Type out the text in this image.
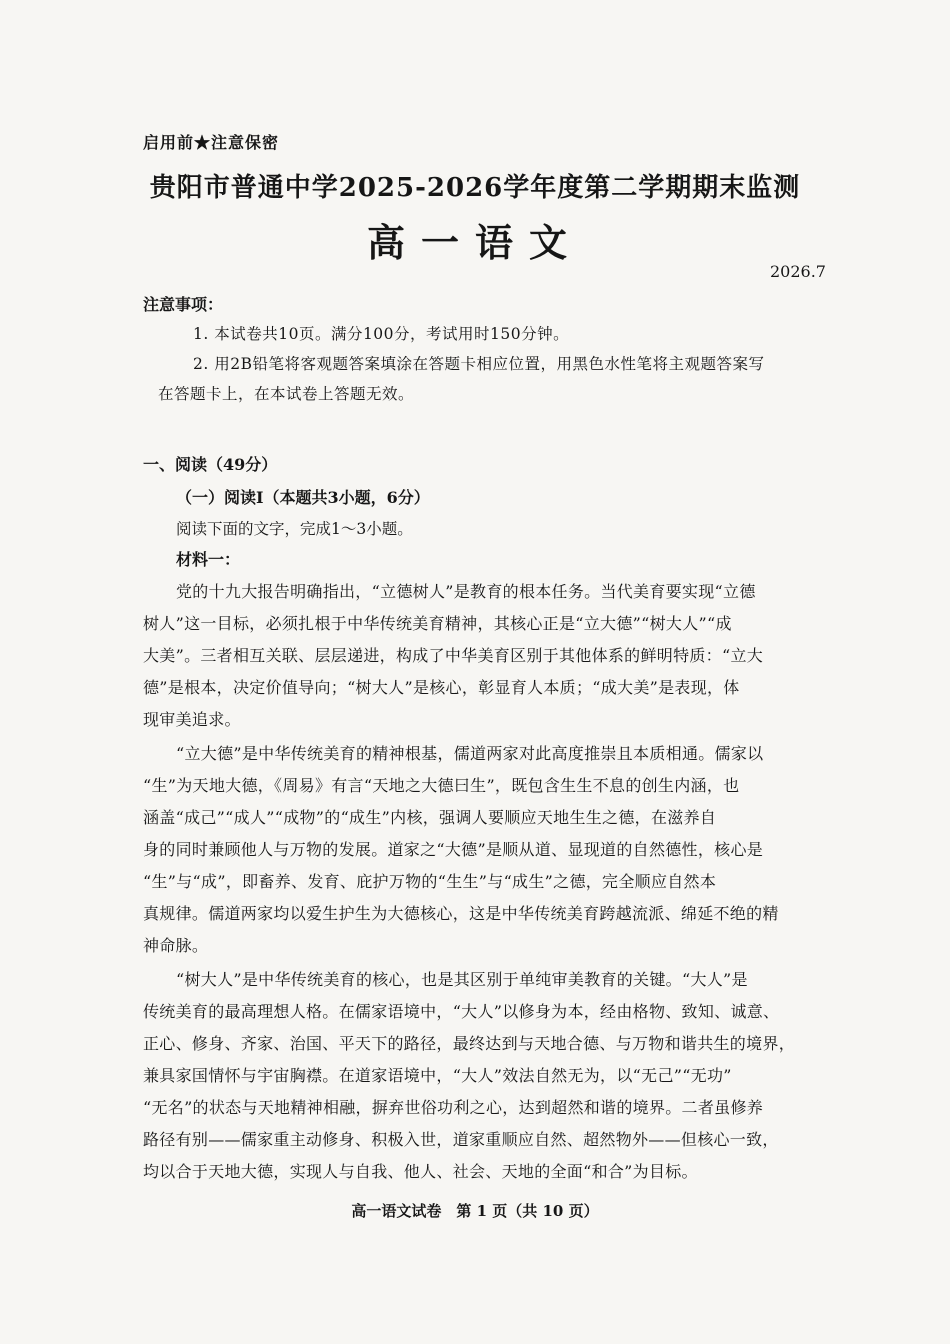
启用前★注意保密

贵阳市普通中学2025-2026学年度第二学期期末监测

高一语文

2026.7

注意事项：

1. 本试卷共10页。满分100分，考试用时150分钟。

2. 用2B铅笔将客观题答案填涂在答题卡相应位置，用黑色水性笔将主观题答案写

在答题卡上，在本试卷上答题无效。

一、阅读（49分）

（一）阅读Ⅰ（本题共3小题，6分）

阅读下面的文字，完成1～3小题。

材料一：

党的十九大报告明确指出，“立德树人”是教育的根本任务。当代美育要实现“立德

树人”这一目标，必须扎根于中华传统美育精神，其核心正是“立大德”“树大人”“成

大美”。三者相互关联、层层递进，构成了中华美育区别于其他体系的鲜明特质：“立大

德”是根本，决定价值导向；“树大人”是核心，彰显育人本质；“成大美”是表现，体

现审美追求。

“立大德”是中华传统美育的精神根基，儒道两家对此高度推崇且本质相通。儒家以

“生”为天地大德，《周易》有言“天地之大德曰生”，既包含生生不息的创生内涵，也

涵盖“成己”“成人”“成物”的“成生”内核，强调人要顺应天地生生之德，在滋养自

身的同时兼顾他人与万物的发展。道家之“大德”是顺从道、显现道的自然德性，核心是

“生”与“成”，即畜养、发育、庇护万物的“生生”与“成生”之德，完全顺应自然本

真规律。儒道两家均以爱生护生为大德核心，这是中华传统美育跨越流派、绵延不绝的精

神命脉。

“树大人”是中华传统美育的核心，也是其区别于单纯审美教育的关键。“大人”是

传统美育的最高理想人格。在儒家语境中，“大人”以修身为本，经由格物、致知、诚意、

正心、修身、齐家、治国、平天下的路径，最终达到与天地合德、与万物和谐共生的境界，

兼具家国情怀与宇宙胸襟。在道家语境中，“大人”效法自然无为，以“无己”“无功”

“无名”的状态与天地精神相融，摒弃世俗功利之心，达到超然和谐的境界。二者虽修养

路径有别——儒家重主动修身、积极入世，道家重顺应自然、超然物外——但核心一致，

均以合于天地大德，实现人与自我、他人、社会、天地的全面“和合”为目标。

高一语文试卷　第 1 页（共 10 页）
